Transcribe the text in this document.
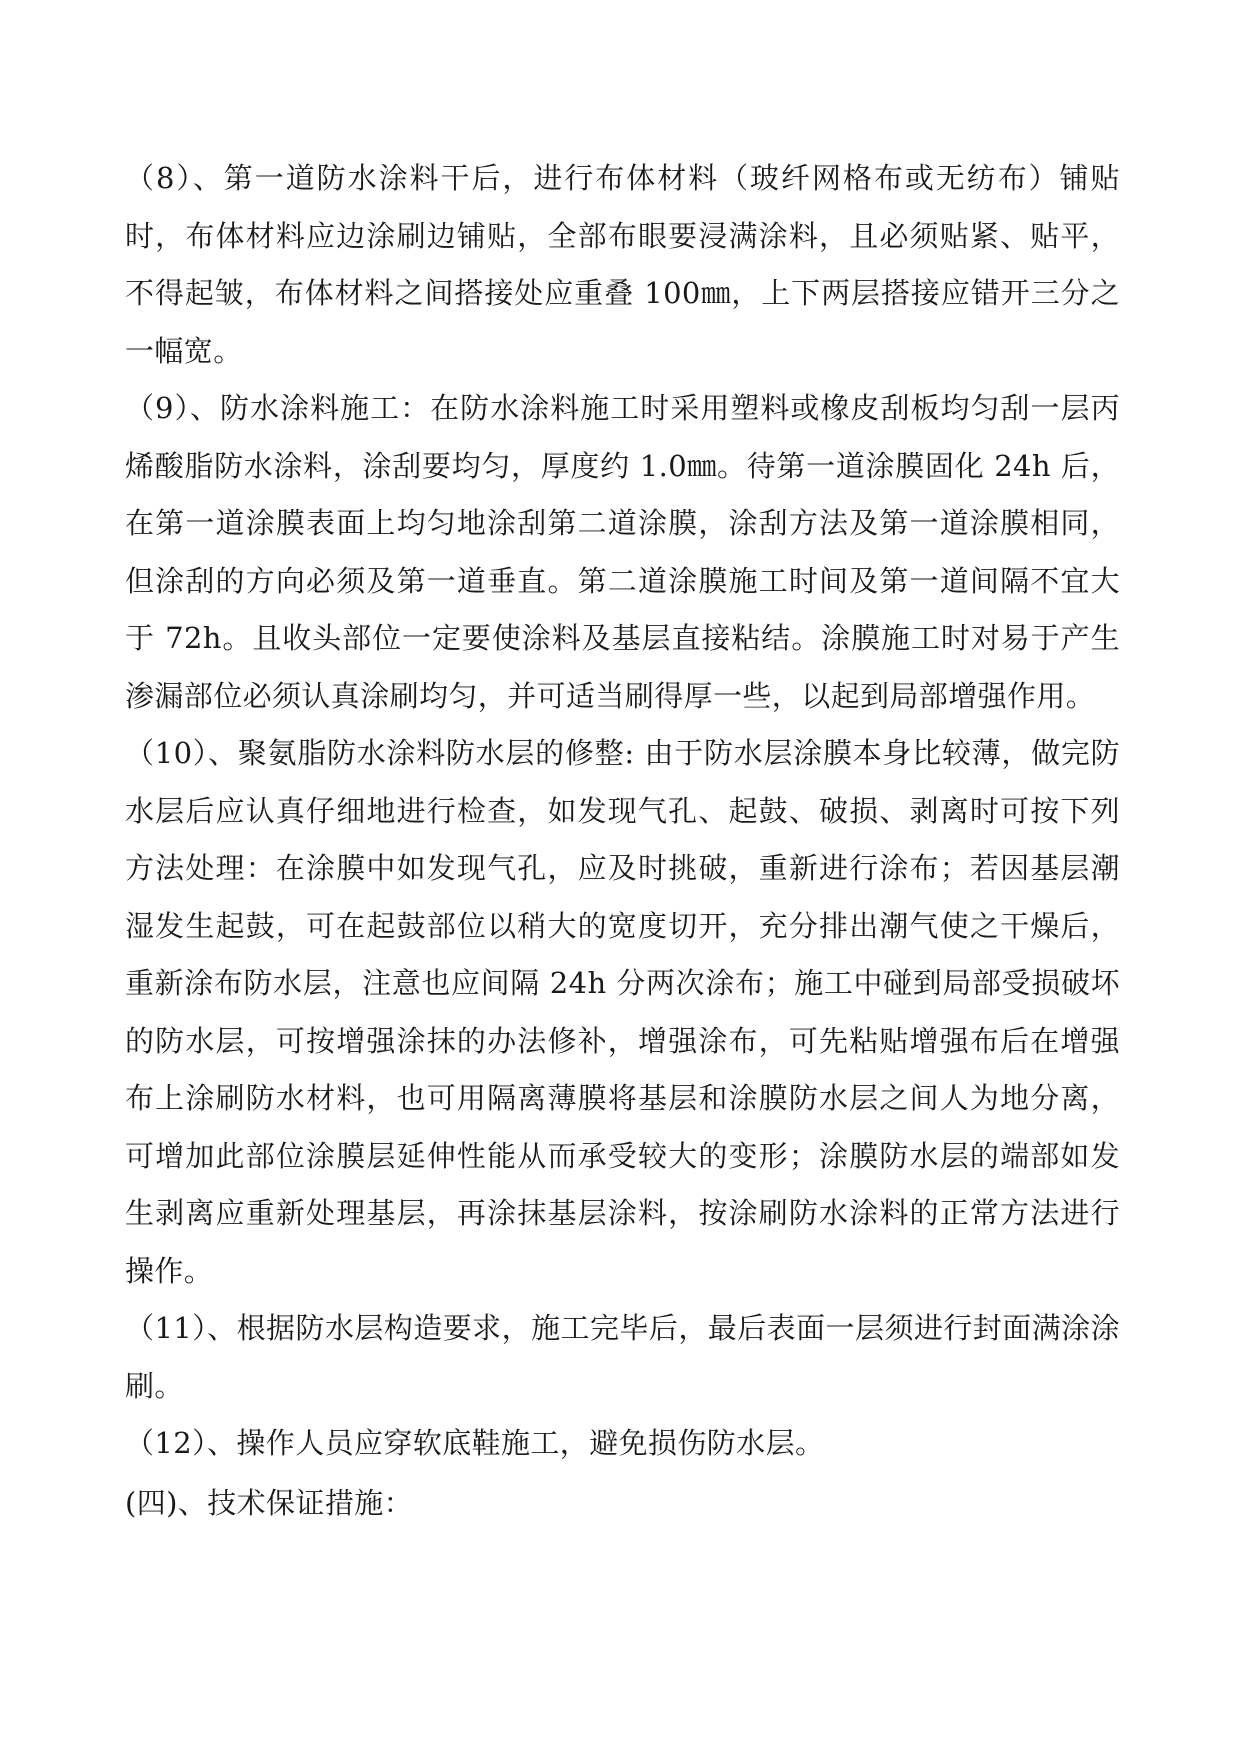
（8）、第一道防水涂料干后，进行布体材料（玻纤网格布或无纺布）铺贴时，布体材料应边涂刷边铺贴，全部布眼要浸满涂料，且必须贴紧、贴平，不得起皱，布体材料之间搭接处应重叠 100㎜，上下两层搭接应错开三分之一幅宽。

（9）、防水涂料施工：在防水涂料施工时采用塑料或橡皮刮板均匀刮一层丙烯酸脂防水涂料，涂刮要均匀，厚度约 1.0㎜。待第一道涂膜固化 24h 后，在第一道涂膜表面上均匀地涂刮第二道涂膜，涂刮方法及第一道涂膜相同，但涂刮的方向必须及第一道垂直。第二道涂膜施工时间及第一道间隔不宜大于 72h。且收头部位一定要使涂料及基层直接粘结。涂膜施工时对易于产生渗漏部位必须认真涂刷均匀，并可适当刷得厚一些，以起到局部增强作用。

（10）、聚氨脂防水涂料防水层的修整: 由于防水层涂膜本身比较薄，做完防水层后应认真仔细地进行检查，如发现气孔、起鼓、破损、剥离时可按下列方法处理：在涂膜中如发现气孔，应及时挑破，重新进行涂布；若因基层潮湿发生起鼓，可在起鼓部位以稍大的宽度切开，充分排出潮气使之干燥后，重新涂布防水层，注意也应间隔 24h 分两次涂布；施工中碰到局部受损破坏的防水层，可按增强涂抹的办法修补，增强涂布，可先粘贴增强布后在增强布上涂刷防水材料，也可用隔离薄膜将基层和涂膜防水层之间人为地分离，可增加此部位涂膜层延伸性能从而承受较大的变形；涂膜防水层的端部如发生剥离应重新处理基层，再涂抹基层涂料，按涂刷防水涂料的正常方法进行操作。

（11）、根据防水层构造要求，施工完毕后，最后表面一层须进行封面满涂涂刷。

（12）、操作人员应穿软底鞋施工，避免损伤防水层。

(四)、技术保证措施：
